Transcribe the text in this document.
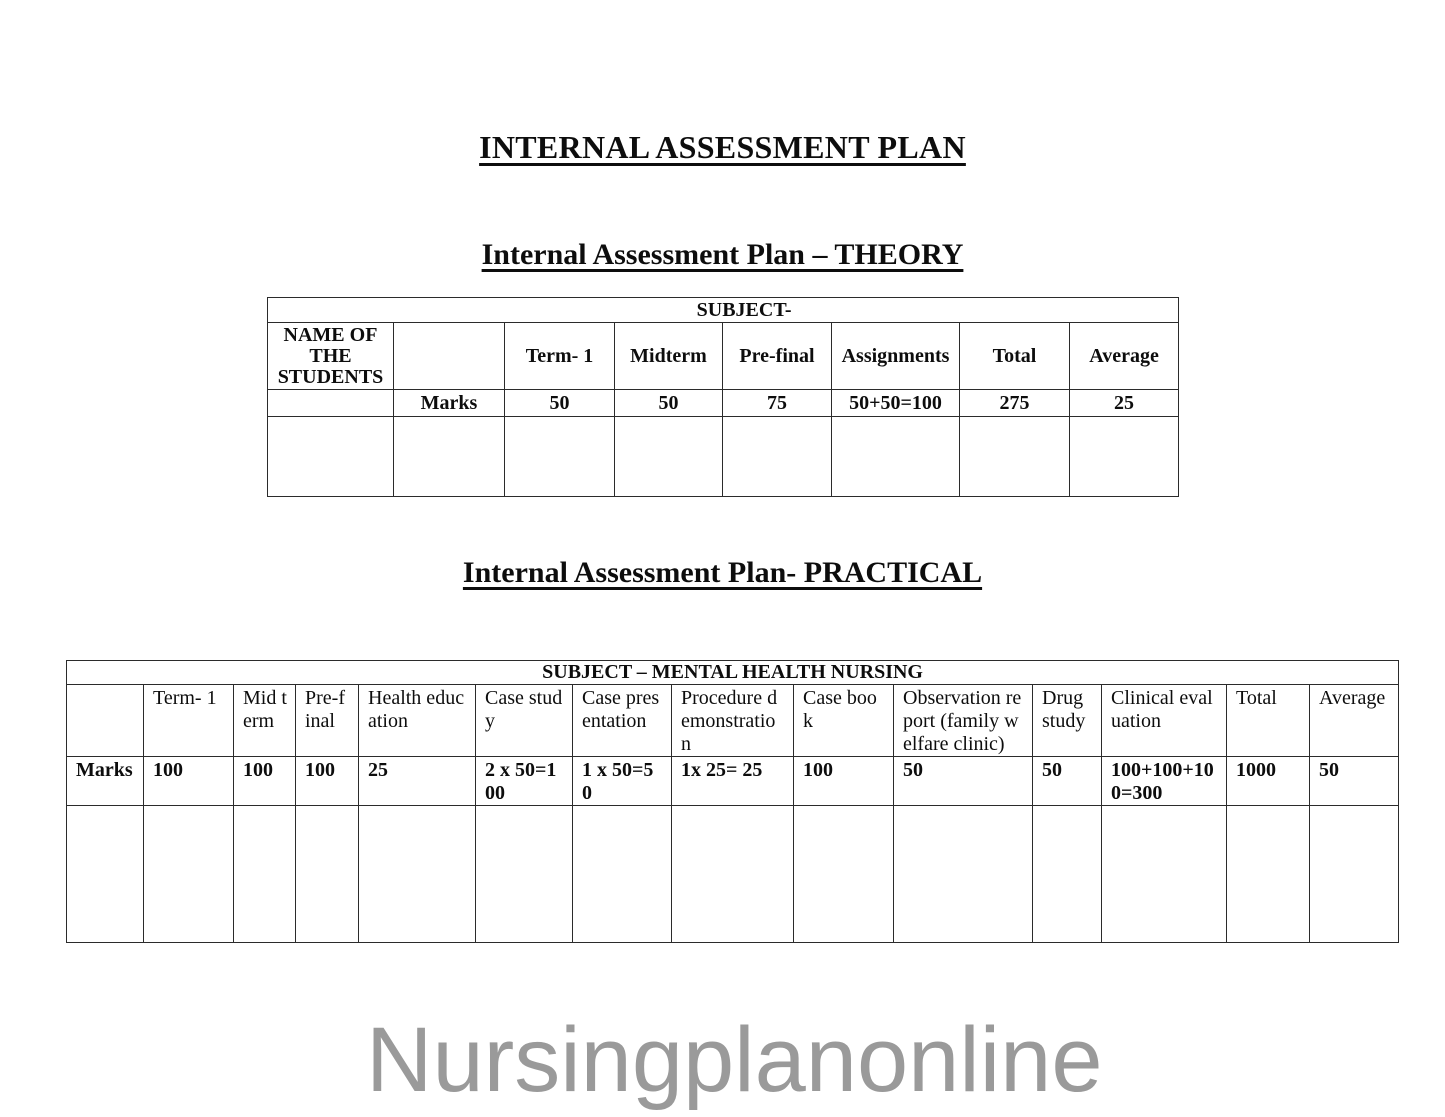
INTERNAL ASSESSMENT PLAN
Internal Assessment Plan – THEORY
SUBJECT-							
NAME OF THE STUDENTS		Term- 1	Midterm	Pre-final	Assignments	Total	Average
	Marks	50	50	75	50+50=100	275	25

Internal Assessment Plan- PRACTICAL
SUBJECT – MENTAL HEALTH NURSING													
	Term- 1	Mid term	Pre-final	Health education	Case study	Case presentation	Procedure demonstration	Case book	Observation report (family welfare clinic)	Drug study	Clinical evaluation	Total	Average
Marks	100	100	100	25	2 x 50=100	1 x 50=50	1x 25= 25	100	50	50	100+100+100=300	1000	50

Nursingplanonline
